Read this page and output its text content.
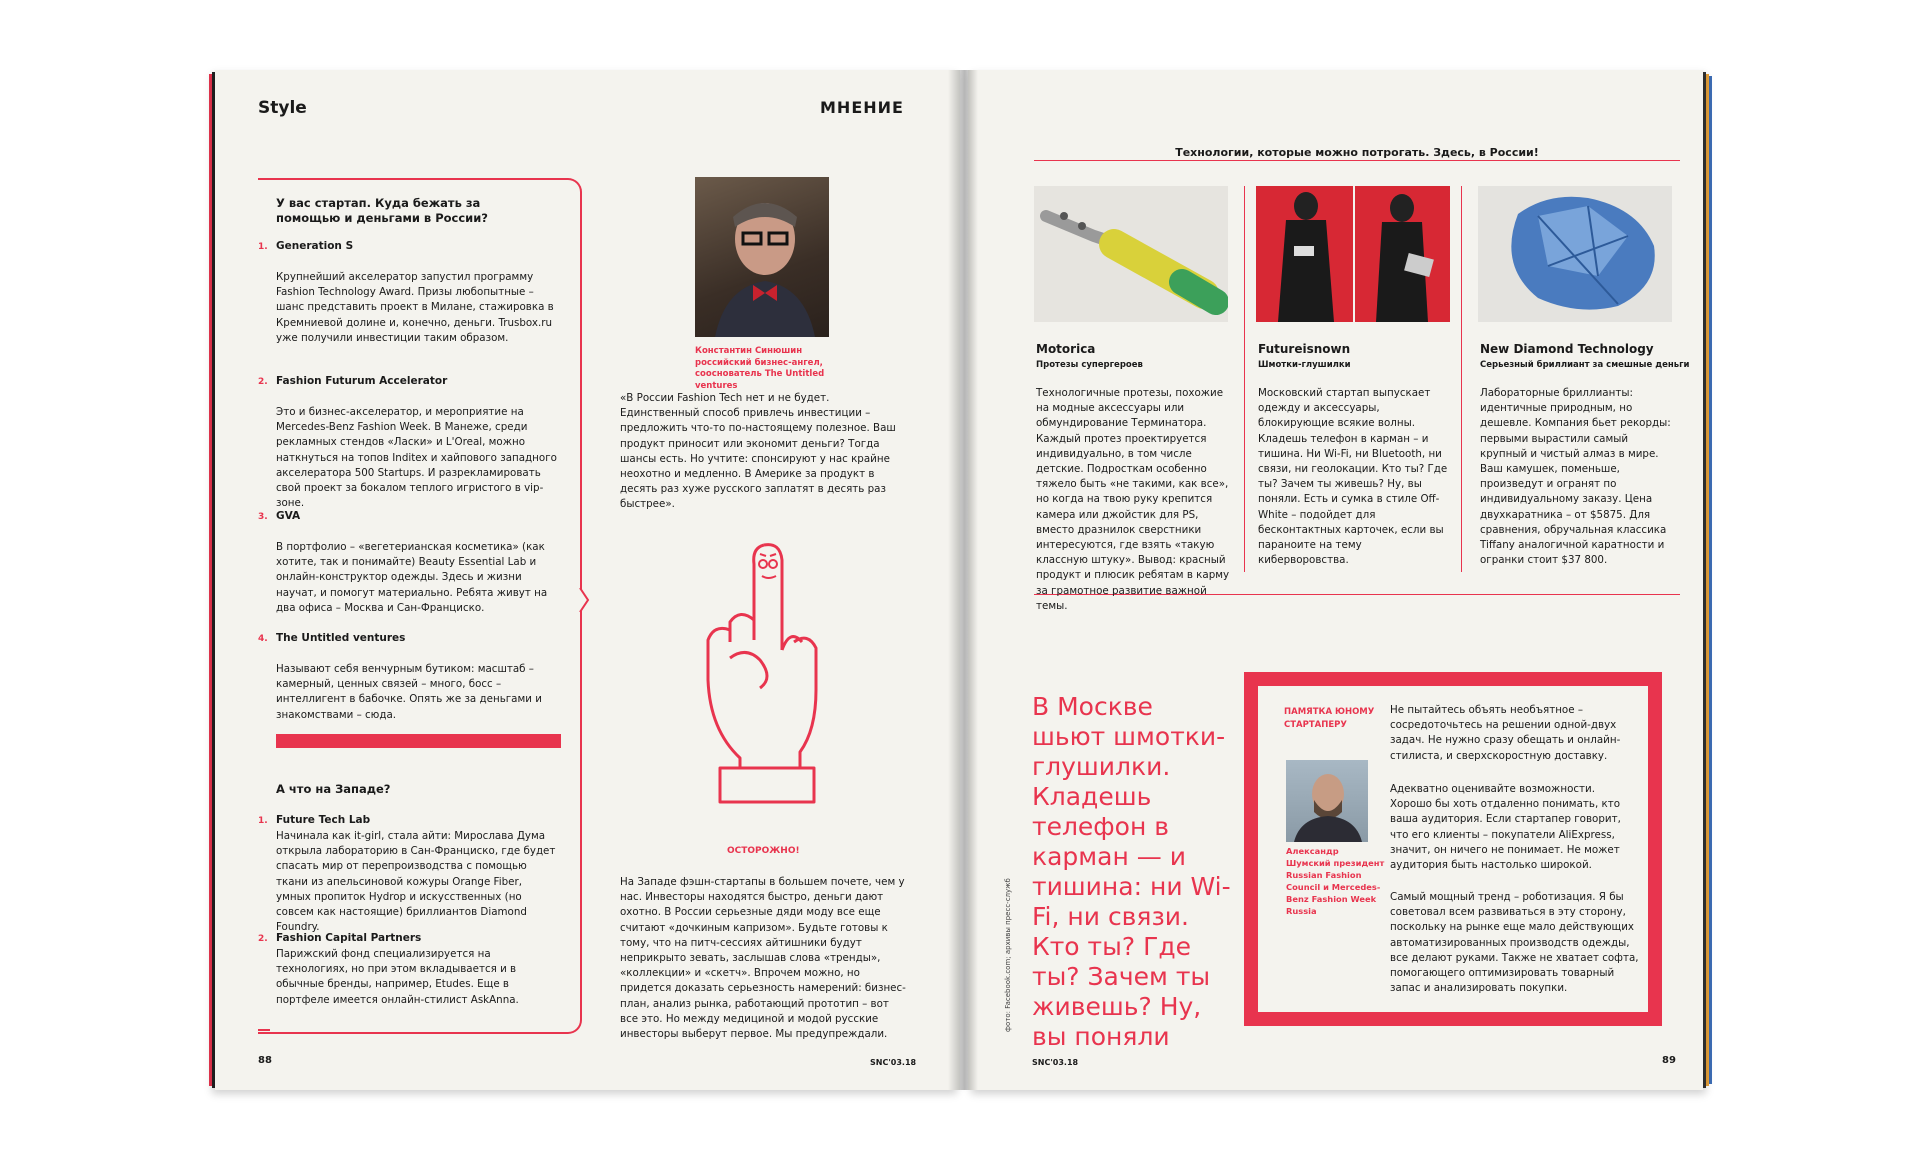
Style	МНЕНИЕ
У вас стартап. Куда бежать за помощью и деньгами в России?
1. Generation S
Крупнейший акселератор запустил программу Fashion Technology Award. Призы любопытные – шанс представить проект в Милане, стажировка в Кремниевой долине и, конечно, деньги. Trusbox.ru уже получили инвестиции таким образом.
2. Fashion Futurum Accelerator
Это и бизнес-акселератор, и мероприятие на Mercedes-Benz Fashion Week. В Манеже, среди рекламных стендов «Ласки» и L'Oreal, можно наткнуться на топов Inditex и хайпового западного акселератора 500 Startups. И разрекламировать свой проект за бокалом теплого игристого в vip-зоне.
3. GVA
В портфолио – «вегетерианская косметика» (как хотите, так и понимайте) Beauty Essential Lab и онлайн-конструктор одежды. Здесь и жизни научат, и помогут материально. Ребята живут на два офиса – Москва и Сан-Франциско.
4. The Untitled ventures
Называют себя венчурным бутиком: масштаб – камерный, ценных связей – много, босс – интеллигент в бабочке. Опять же за деньгами и знакомствами – сюда.
А что на Западе?
1. Future Tech Lab
Начинала как it-girl, стала айти: Мирослава Дума открыла лабораторию в Сан-Франциско, где будет спасать мир от перепроизводства с помощью ткани из апельсиновой кожуры Orange Fiber, умных пропиток Hydrop и искусственных (но совсем как настоящие) бриллиантов Diamond Foundry.
2. Fashion Capital Partners
Парижский фонд специализируется на технологиях, но при этом вкладывается и в обычные бренды, например, Etudes. Еще в портфеле имеется онлайн-стилист AskAnna.
Константин Синюшин российский бизнес-ангел, сооснователь The Untitled ventures
«В России Fashion Tech нет и не будет. Единственный способ привлечь инвестиции – предложить что-то по-настоящему полезное. Ваш продукт приносит или экономит деньги? Тогда шансы есть. Но учтите: спонсируют у нас крайне неохотно и медленно. В Америке за продукт в десять раз хуже русского заплатят в десять раз быстрее».
ОСТОРОЖНО!
На Западе фэшн-стартапы в большем почете, чем у нас. Инвесторы находятся быстро, деньги дают охотно. В России серьезные дяди моду все еще считают «дочкиным капризом». Будьте готовы к тому, что на питч-сессиях айтишники будут неприкрыто зевать, заслышав слова «тренды», «коллекции» и «скетч». Впрочем можно, но придется доказать серьезность намерений: бизнес-план, анализ рынка, работающий прототип – вот все это. Но между медициной и модой русские инвесторы выберут первое. Мы предупреждали.
88	SNC'03.18
Технологии, которые можно потрогать. Здесь, в России!
Motorica
Протезы супергероев
Технологичные протезы, похожие на модные аксессуары или обмундирование Терминатора. Каждый протез проектируется индивидуально, в том числе детские. Подросткам особенно тяжело быть «не такими, как все», но когда на твою руку крепится камера или джойстик для PS, вместо дразнилок сверстники интересуются, где взять «такую классную штуку». Вывод: красный продукт и плюсик ребятам в карму за грамотное развитие важной темы.
Futureisnown
Шмотки-глушилки
Московский стартап выпускает одежду и аксессуары, блокирующие всякие волны. Кладешь телефон в карман – и тишина. Ни Wi-Fi, ни Bluetooth, ни связи, ни геолокации. Кто ты? Где ты? Зачем ты живешь? Ну, вы поняли. Есть и сумка в стиле Off-White – подойдет для бесконтактных карточек, если вы параноите на тему киберворовства.
New Diamond Technology
Серьезный бриллиант за смешные деньги
Лабораторные бриллианты: идентичные природным, но дешевле. Компания бьет рекорды: первыми вырастили самый крупный и чистый алмаз в мире. Ваш камушек, поменьше, произведут и огранят по индивидуальному заказу. Цена двухкаратника – от $5875. Для сравнения, обручальная классика Tiffany аналогичной каратности и огранки стоит $37 800.
В Москве шьют шмотки-глушилки. Кладешь телефон в карман — и тишина: ни Wi-Fi, ни связи. Кто ты? Где ты? Зачем ты живешь? Ну, вы поняли
фото: Facebook.com; архивы пресс-служб
ПАМЯТКА ЮНОМУ СТАРТАПЕРУ
Александр Шумский президент Russian Fashion Council и Mercedes-Benz Fashion Week Russia
Не пытайтесь объять необъятное – сосредоточьтесь на решении одной-двух задач. Не нужно сразу обещать и онлайн-стилиста, и сверхскоростную доставку.
Адекватно оценивайте возможности. Хорошо бы хоть отдаленно понимать, кто ваша аудитория. Если стартапер говорит, что его клиенты – покупатели AliExpress, значит, он ничего не понимает. Не может аудитория быть настолько широкой.
Самый мощный тренд – роботизация. Я бы советовал всем развиваться в эту сторону, поскольку на рынке еще мало действующих автоматизированных производств одежды, все делают руками. Также не хватает софта, помогающего оптимизировать товарный запас и анализировать покупки.
SNC'03.18	89
